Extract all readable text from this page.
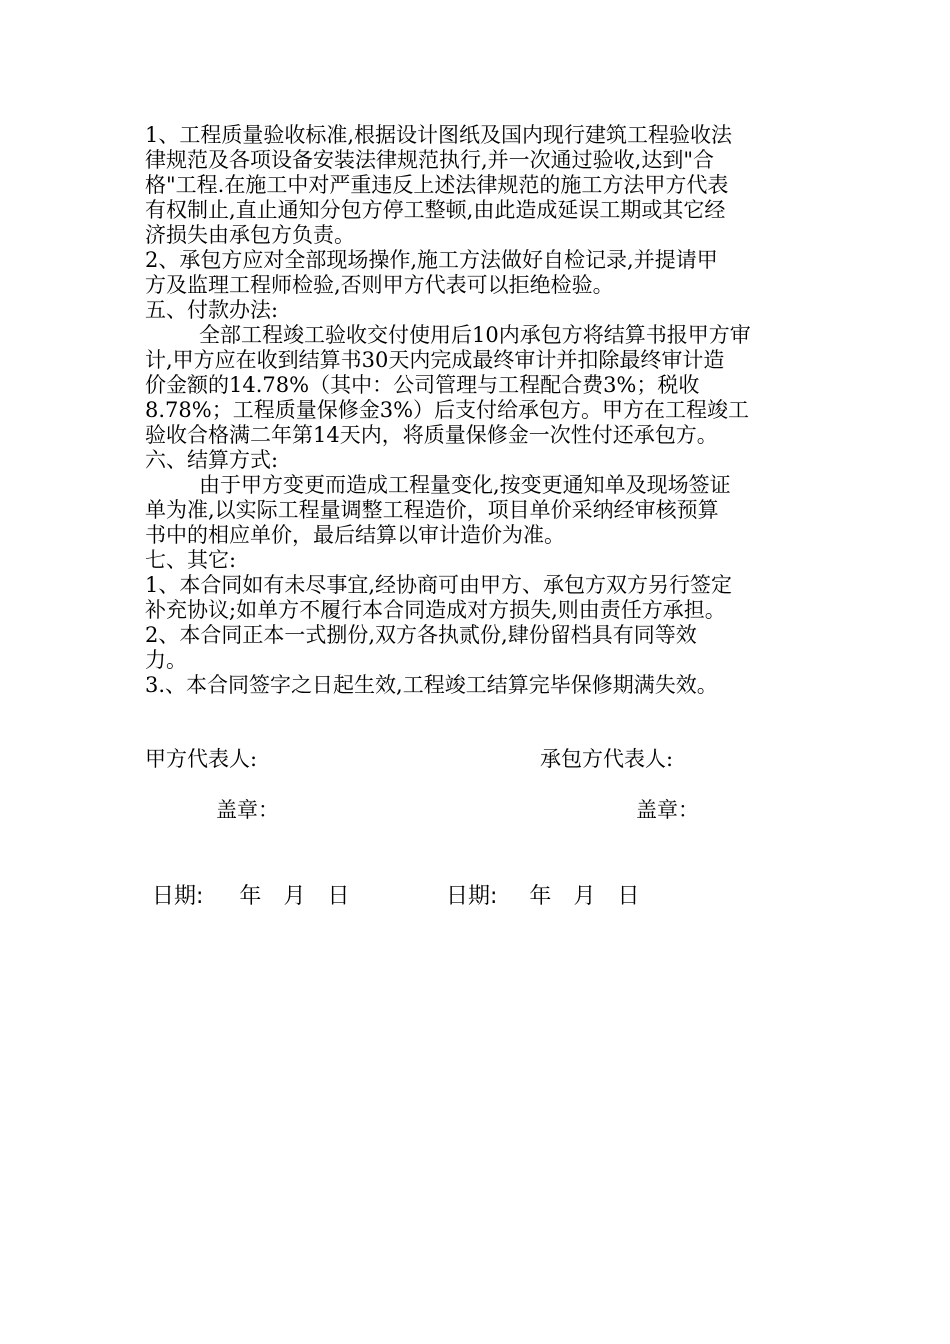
1、工程质量验收标准,根据设计图纸及国内现行建筑工程验收法
律规范及各项设备安装法律规范执行,并一次通过验收,达到"合
格"工程.在施工中对严重违反上述法律规范的施工方法甲方代表
有权制止,直止通知分包方停工整顿,由此造成延误工期或其它经
济损失由承包方负责。
2、承包方应对全部现场操作,施工方法做好自检记录,并提请甲
方及监理工程师检验,否则甲方代表可以拒绝检验。
五、付款办法:
全部工程竣工验收交付使用后10内承包方将结算书报甲方审
计,甲方应在收到结算书30天内完成最终审计并扣除最终审计造
价金额的14.78%（其中：公司管理与工程配合费3%；税收
8.78%；工程质量保修金3%）后支付给承包方。甲方在工程竣工
验收合格满二年第14天内，将质量保修金一次性付还承包方。
六、结算方式:
由于甲方变更而造成工程量变化,按变更通知单及现场签证
单为准,以实际工程量调整工程造价，项目单价采纳经审核预算
书中的相应单价，最后结算以审计造价为准。
七、其它:
1、本合同如有未尽事宜,经协商可由甲方、承包方双方另行签定
补充协议;如单方不履行本合同造成对方损失,则由责任方承担。
2、本合同正本一式捌份,双方各执贰份,肆份留档具有同等效
力。
3.、本合同签字之日起生效,工程竣工结算完毕保修期满失效。
甲方代表人:	承包方代表人:
盖章：	盖章：
日期: 年 月 日	日期: 年 月 日
